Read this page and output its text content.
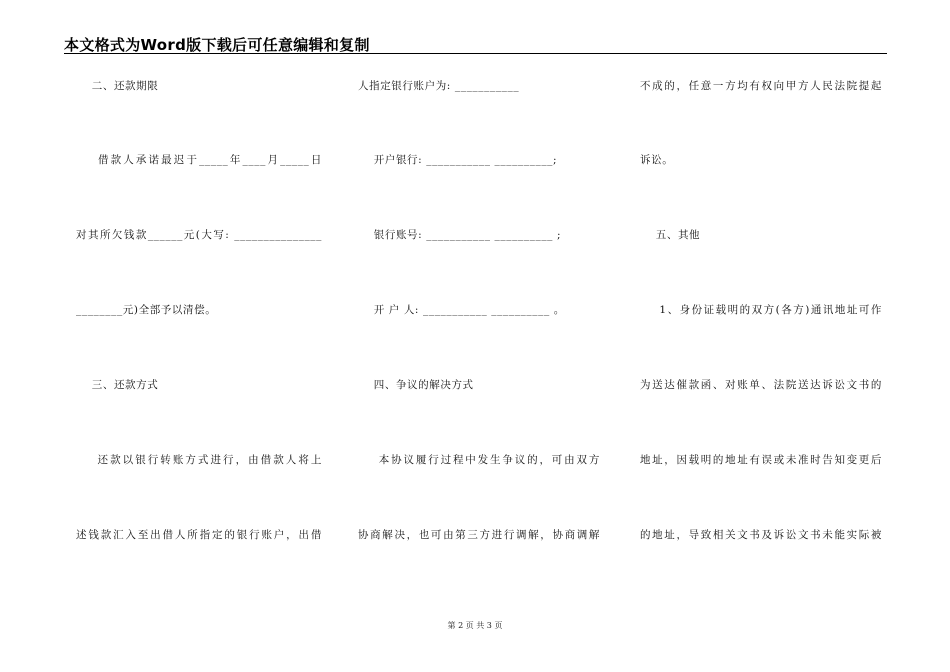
本文格式为Word版下载后可任意编辑和复制
二、还款期限
借款人承诺最迟于_____年____月_____日
对其所欠钱款______元(大写: _______________
________元)全部予以清偿。
三、还款方式
还款以银行转账方式进行，由借款人将上
述钱款汇入至出借人所指定的银行账户，出借
人指定银行账户为: ___________
开户银行: ___________ __________;
银行账号: ___________ __________ ;
开 户 人: ___________ __________ 。
四、争议的解决方式
本协议履行过程中发生争议的，可由双方
协商解决，也可由第三方进行调解，协商调解
不成的，任意一方均有权向甲方人民法院提起
诉讼。
五、其他
1、身份证载明的双方(各方)通讯地址可作
为送达催款函、对账单、法院送达诉讼文书的
地址，因载明的地址有误或未准时告知变更后
的地址，导致相关文书及诉讼文书未能实际被
第 2 页 共 3 页
